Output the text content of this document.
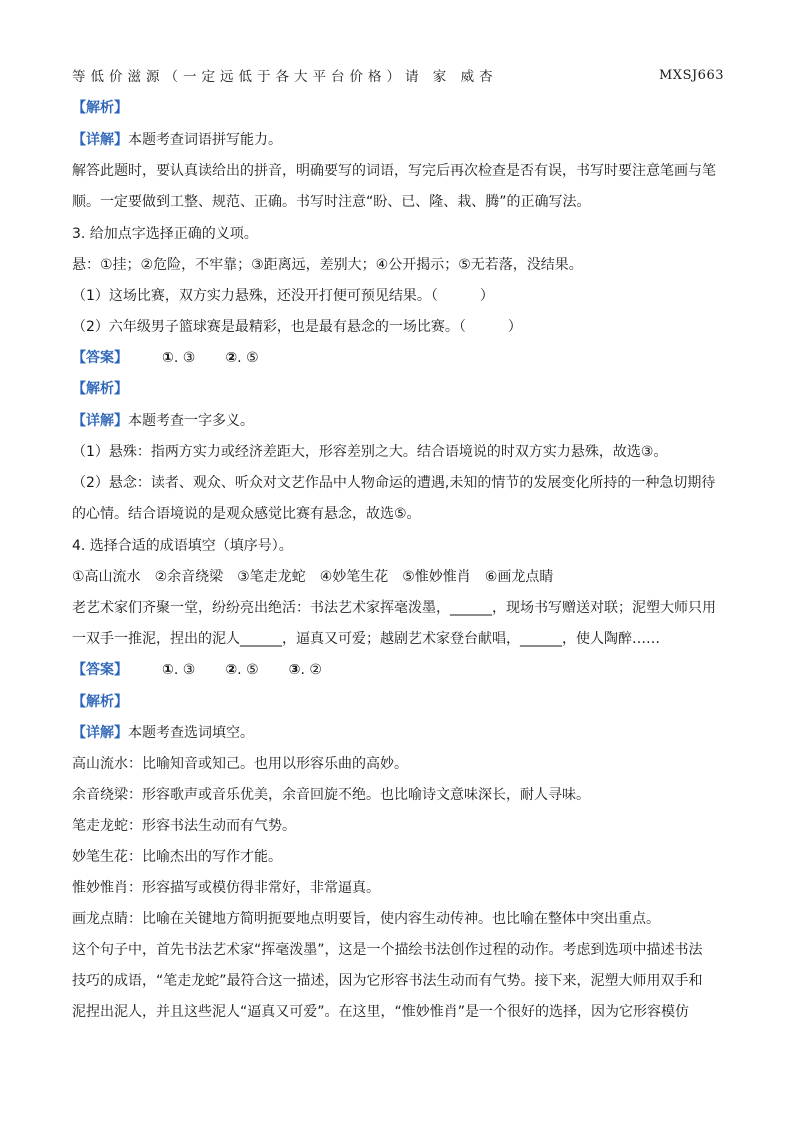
等低价滋源（一定远低于各大平台价格）请 家 威杏	MXSJ663
【解析】
【详解】本题考查词语拼写能力。
解答此题时，要认真读给出的拼音，明确要写的词语，写完后再次检查是否有误，书写时要注意笔画与笔
顺。一定要做到工整、规范、正确。书写时注意“盼、已、隆、栽、腾”的正确写法。
3. 给加点字选择正确的义项。
悬：①挂；②危险，不牢靠；③距离远，差别大；④公开揭示；⑤无若落，没结果。
（1）这场比赛，双方实力悬殊，还没开打便可预见结果。（　　　）
（2）六年级男子篮球赛是最精彩，也是最有悬念的一场比赛。（　　　）
【答案】 ①. ③ ②. ⑤
【解析】
【详解】本题考查一字多义。
（1）悬殊：指两方实力或经济差距大，形容差别之大。结合语境说的时双方实力悬殊，故选③。
（2）悬念：读者、观众、听众对文艺作品中人物命运的遭遇,未知的情节的发展变化所持的一种急切期待
的心情。结合语境说的是观众感觉比赛有悬念，故选⑤。
4. 选择合适的成语填空（填序号）。
①高山流水 ②余音绕梁 ③笔走龙蛇 ④妙笔生花 ⑤惟妙惟肖 ⑥画龙点睛
老艺术家们齐聚一堂，纷纷亮出绝活：书法艺术家挥毫泼墨，______，现场书写赠送对联；泥塑大师只用
一双手一推泥，捏出的泥人______，逼真又可爱；越剧艺术家登台献唱，______，使人陶醉……
【答案】 ①. ③ ②. ⑤ ③. ②
【解析】
【详解】本题考查选词填空。
高山流水：比喻知音或知己。也用以形容乐曲的高妙。
余音绕梁：形容歌声或音乐优美，余音回旋不绝。也比喻诗文意味深长，耐人寻味。
笔走龙蛇：形容书法生动而有气势。
妙笔生花：比喻杰出的写作才能。
惟妙惟肖：形容描写或模仿得非常好，非常逼真。
画龙点睛：比喻在关键地方简明扼要地点明要旨，使内容生动传神。也比喻在整体中突出重点。
这个句子中，首先书法艺术家“挥毫泼墨”，这是一个描绘书法创作过程的动作。考虑到选项中描述书法
技巧的成语，“笔走龙蛇”最符合这一描述，因为它形容书法生动而有气势。接下来，泥塑大师用双手和
泥捏出泥人，并且这些泥人“逼真又可爱”。在这里，“惟妙惟肖”是一个很好的选择，因为它形容模仿
